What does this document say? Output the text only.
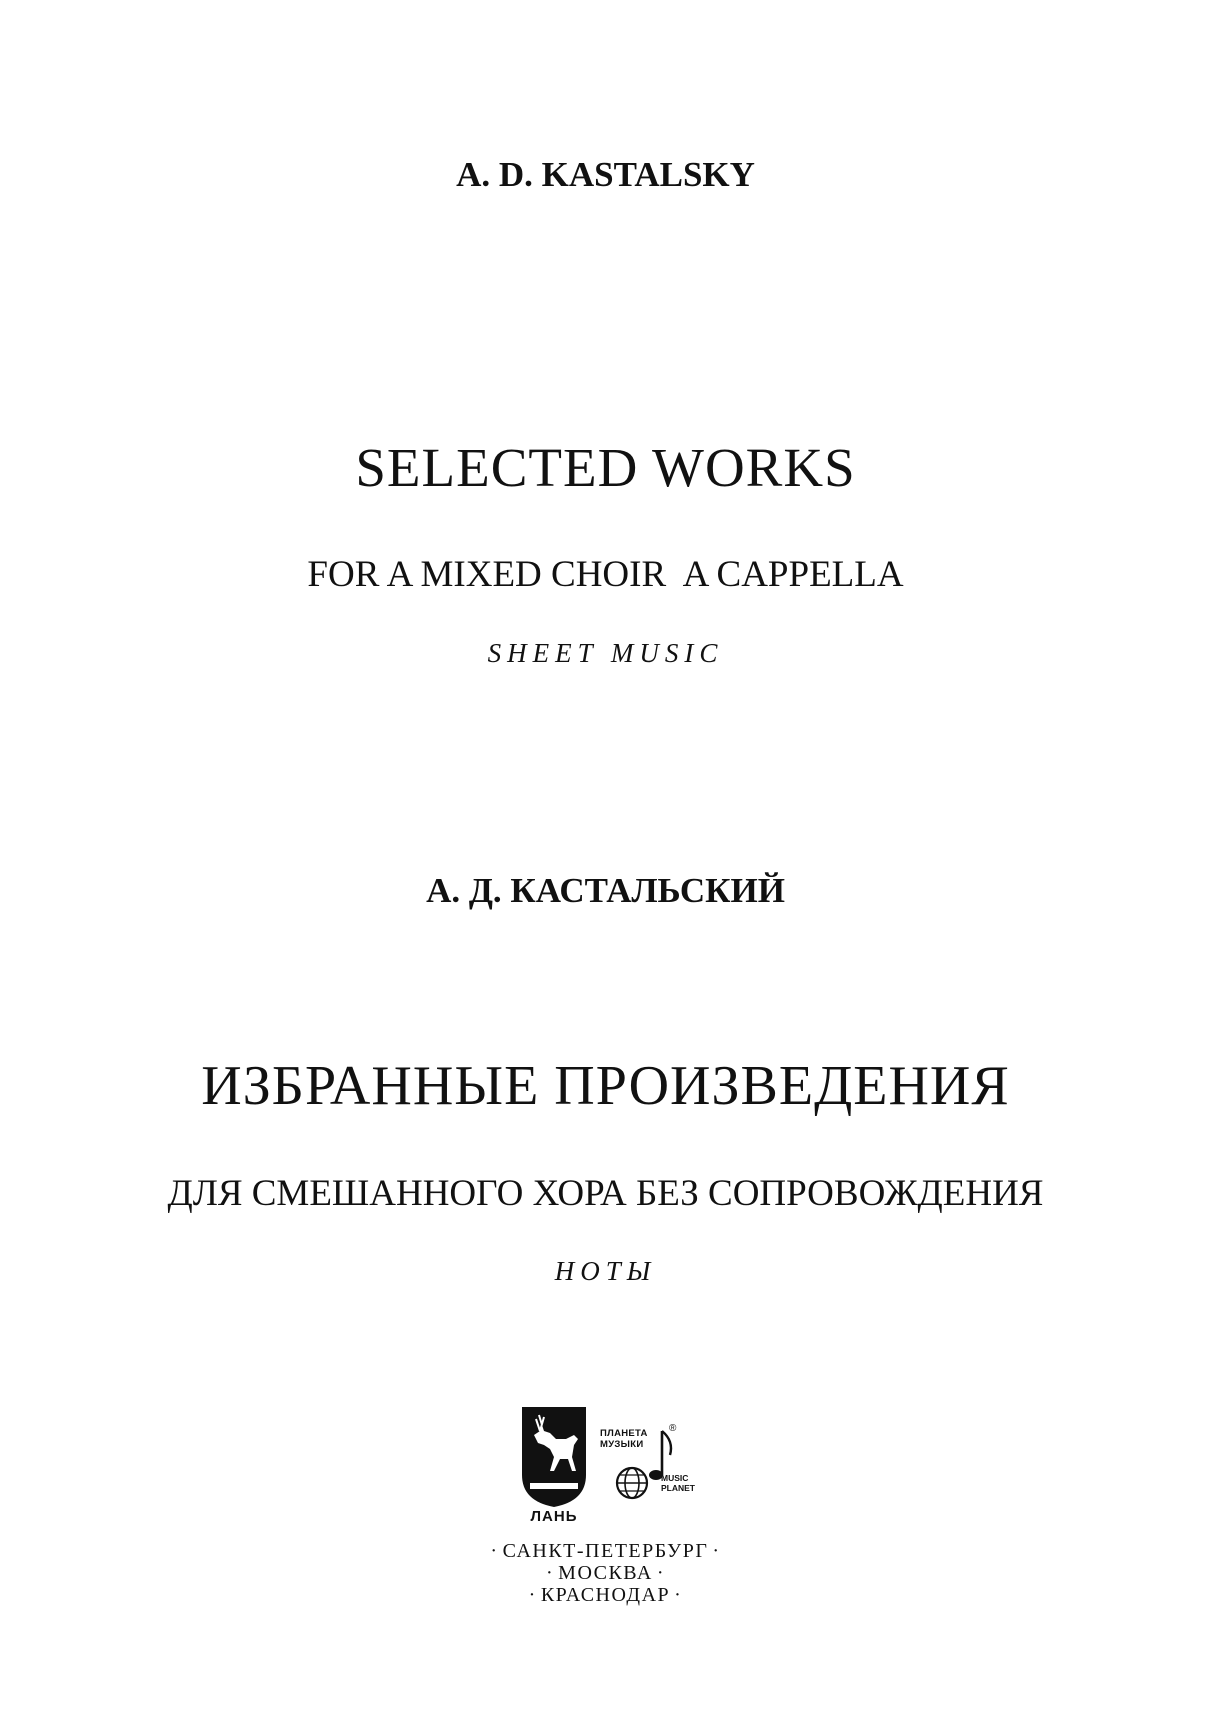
A. D. KASTALSKY
SELECTED WORKS
FOR A MIXED CHOIR  A CAPPELLA
SHEET MUSIC
А. Д. КАСТАЛЬСКИЙ
ИЗБРАННЫЕ ПРОИЗВЕДЕНИЯ
ДЛЯ СМЕШАННОГО ХОРА БЕЗ СОПРОВОЖДЕНИЯ
НОТЫ
ЛАНЬ
ПЛАНЕТА
МУЗЫКИ
®
MUSIC
PLANET
· САНКТ-ПЕТЕРБУРГ ·
· МОСКВА ·
· КРАСНОДАР ·
